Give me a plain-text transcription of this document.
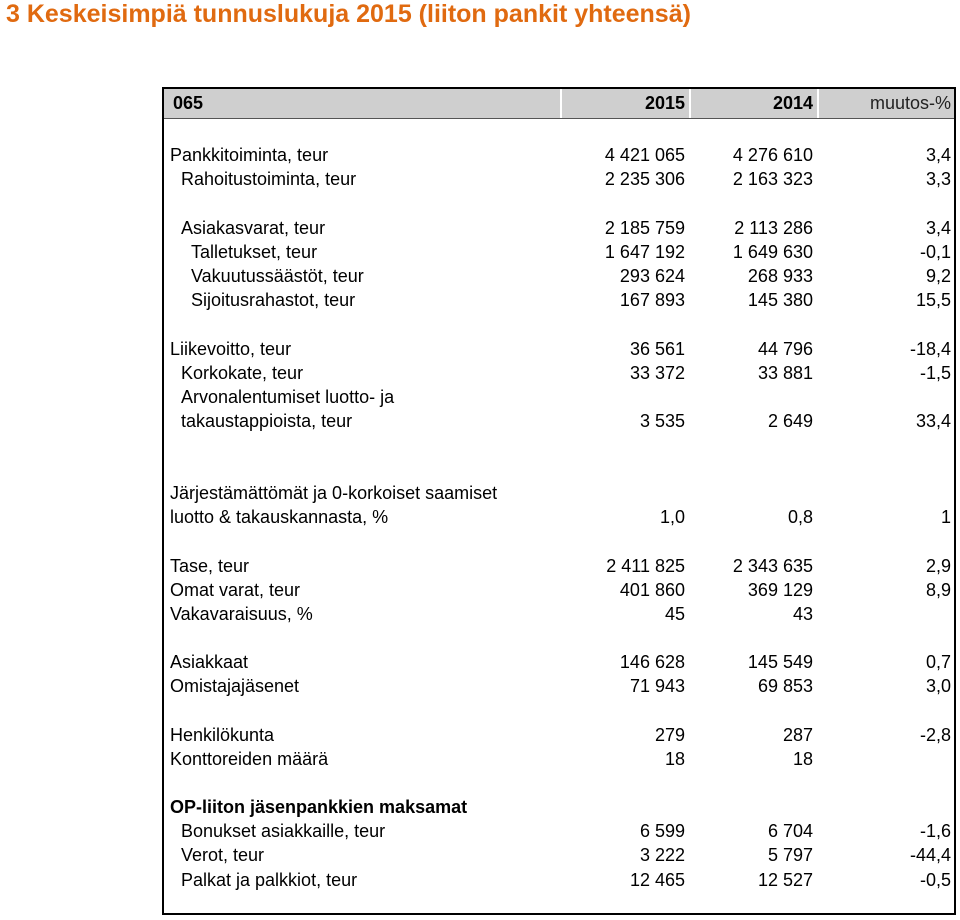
3 Keskeisimpiä tunnuslukuja 2015 (liiton pankit yhteensä)
065	2015	2014	muutos-%
Pankkitoiminta, teur	4 421 065	4 276 610	3,4
Rahoitustoiminta, teur	2 235 306	2 163 323	3,3
Asiakasvarat, teur	2 185 759	2 113 286	3,4
Talletukset, teur	1 647 192	1 649 630	-0,1
Vakuutussäästöt, teur	293 624	268 933	9,2
Sijoitusrahastot, teur	167 893	145 380	15,5
Liikevoitto, teur	36 561	44 796	-18,4
Korkokate, teur	33 372	33 881	-1,5
Arvonalentumiset luotto- ja
takaustappioista, teur	3 535	2 649	33,4
Järjestämättömät ja 0-korkoiset saamiset
luotto & takauskannasta, %	1,0	0,8	1
Tase, teur	2 411 825	2 343 635	2,9
Omat varat, teur	401 860	369 129	8,9
Vakavaraisuus, %	45	43
Asiakkaat	146 628	145 549	0,7
Omistajajäsenet	71 943	69 853	3,0
Henkilökunta	279	287	-2,8
Konttoreiden määrä	18	18
OP-liiton jäsenpankkien maksamat
Bonukset asiakkaille, teur	6 599	6 704	-1,6
Verot, teur	3 222	5 797	-44,4
Palkat ja palkkiot, teur	12 465	12 527	-0,5
